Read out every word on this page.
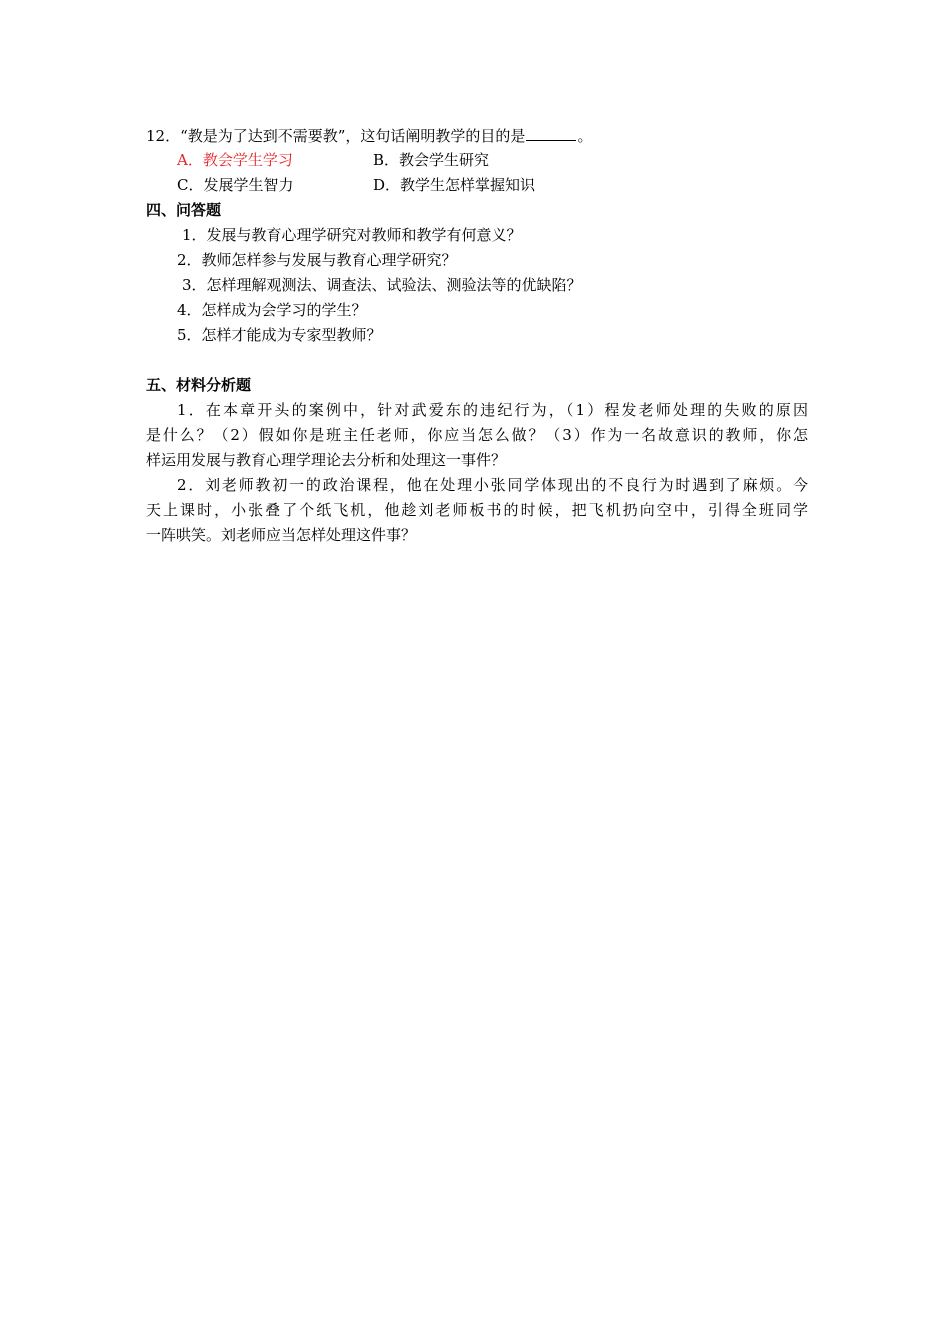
12．“教是为了达到不需要教”，这句话阐明教学的目的是	。
A．教会学生学习	B．教会学生研究
C．发展学生智力	D．教学生怎样掌握知识
四、问答题
1．发展与教育心理学研究对教师和教学有何意义？
2．教师怎样参与发展与教育心理学研究？
3．怎样理解观测法、调查法、试验法、测验法等的优缺陷？
4．怎样成为会学习的学生？
5．怎样才能成为专家型教师？
五、材料分析题
1．在本章开头的案例中，针对武爱东的违纪行为，（1）程发老师处理的失败的原因
是什么？（2）假如你是班主任老师，你应当怎么做？（3）作为一名故意识的教师，你怎
样运用发展与教育心理学理论去分析和处理这一事件？
2．刘老师教初一的政治课程，他在处理小张同学体现出的不良行为时遇到了麻烦。今
天上课时，小张叠了个纸飞机，他趁刘老师板书的时候，把飞机扔向空中，引得全班同学
一阵哄笑。刘老师应当怎样处理这件事？
